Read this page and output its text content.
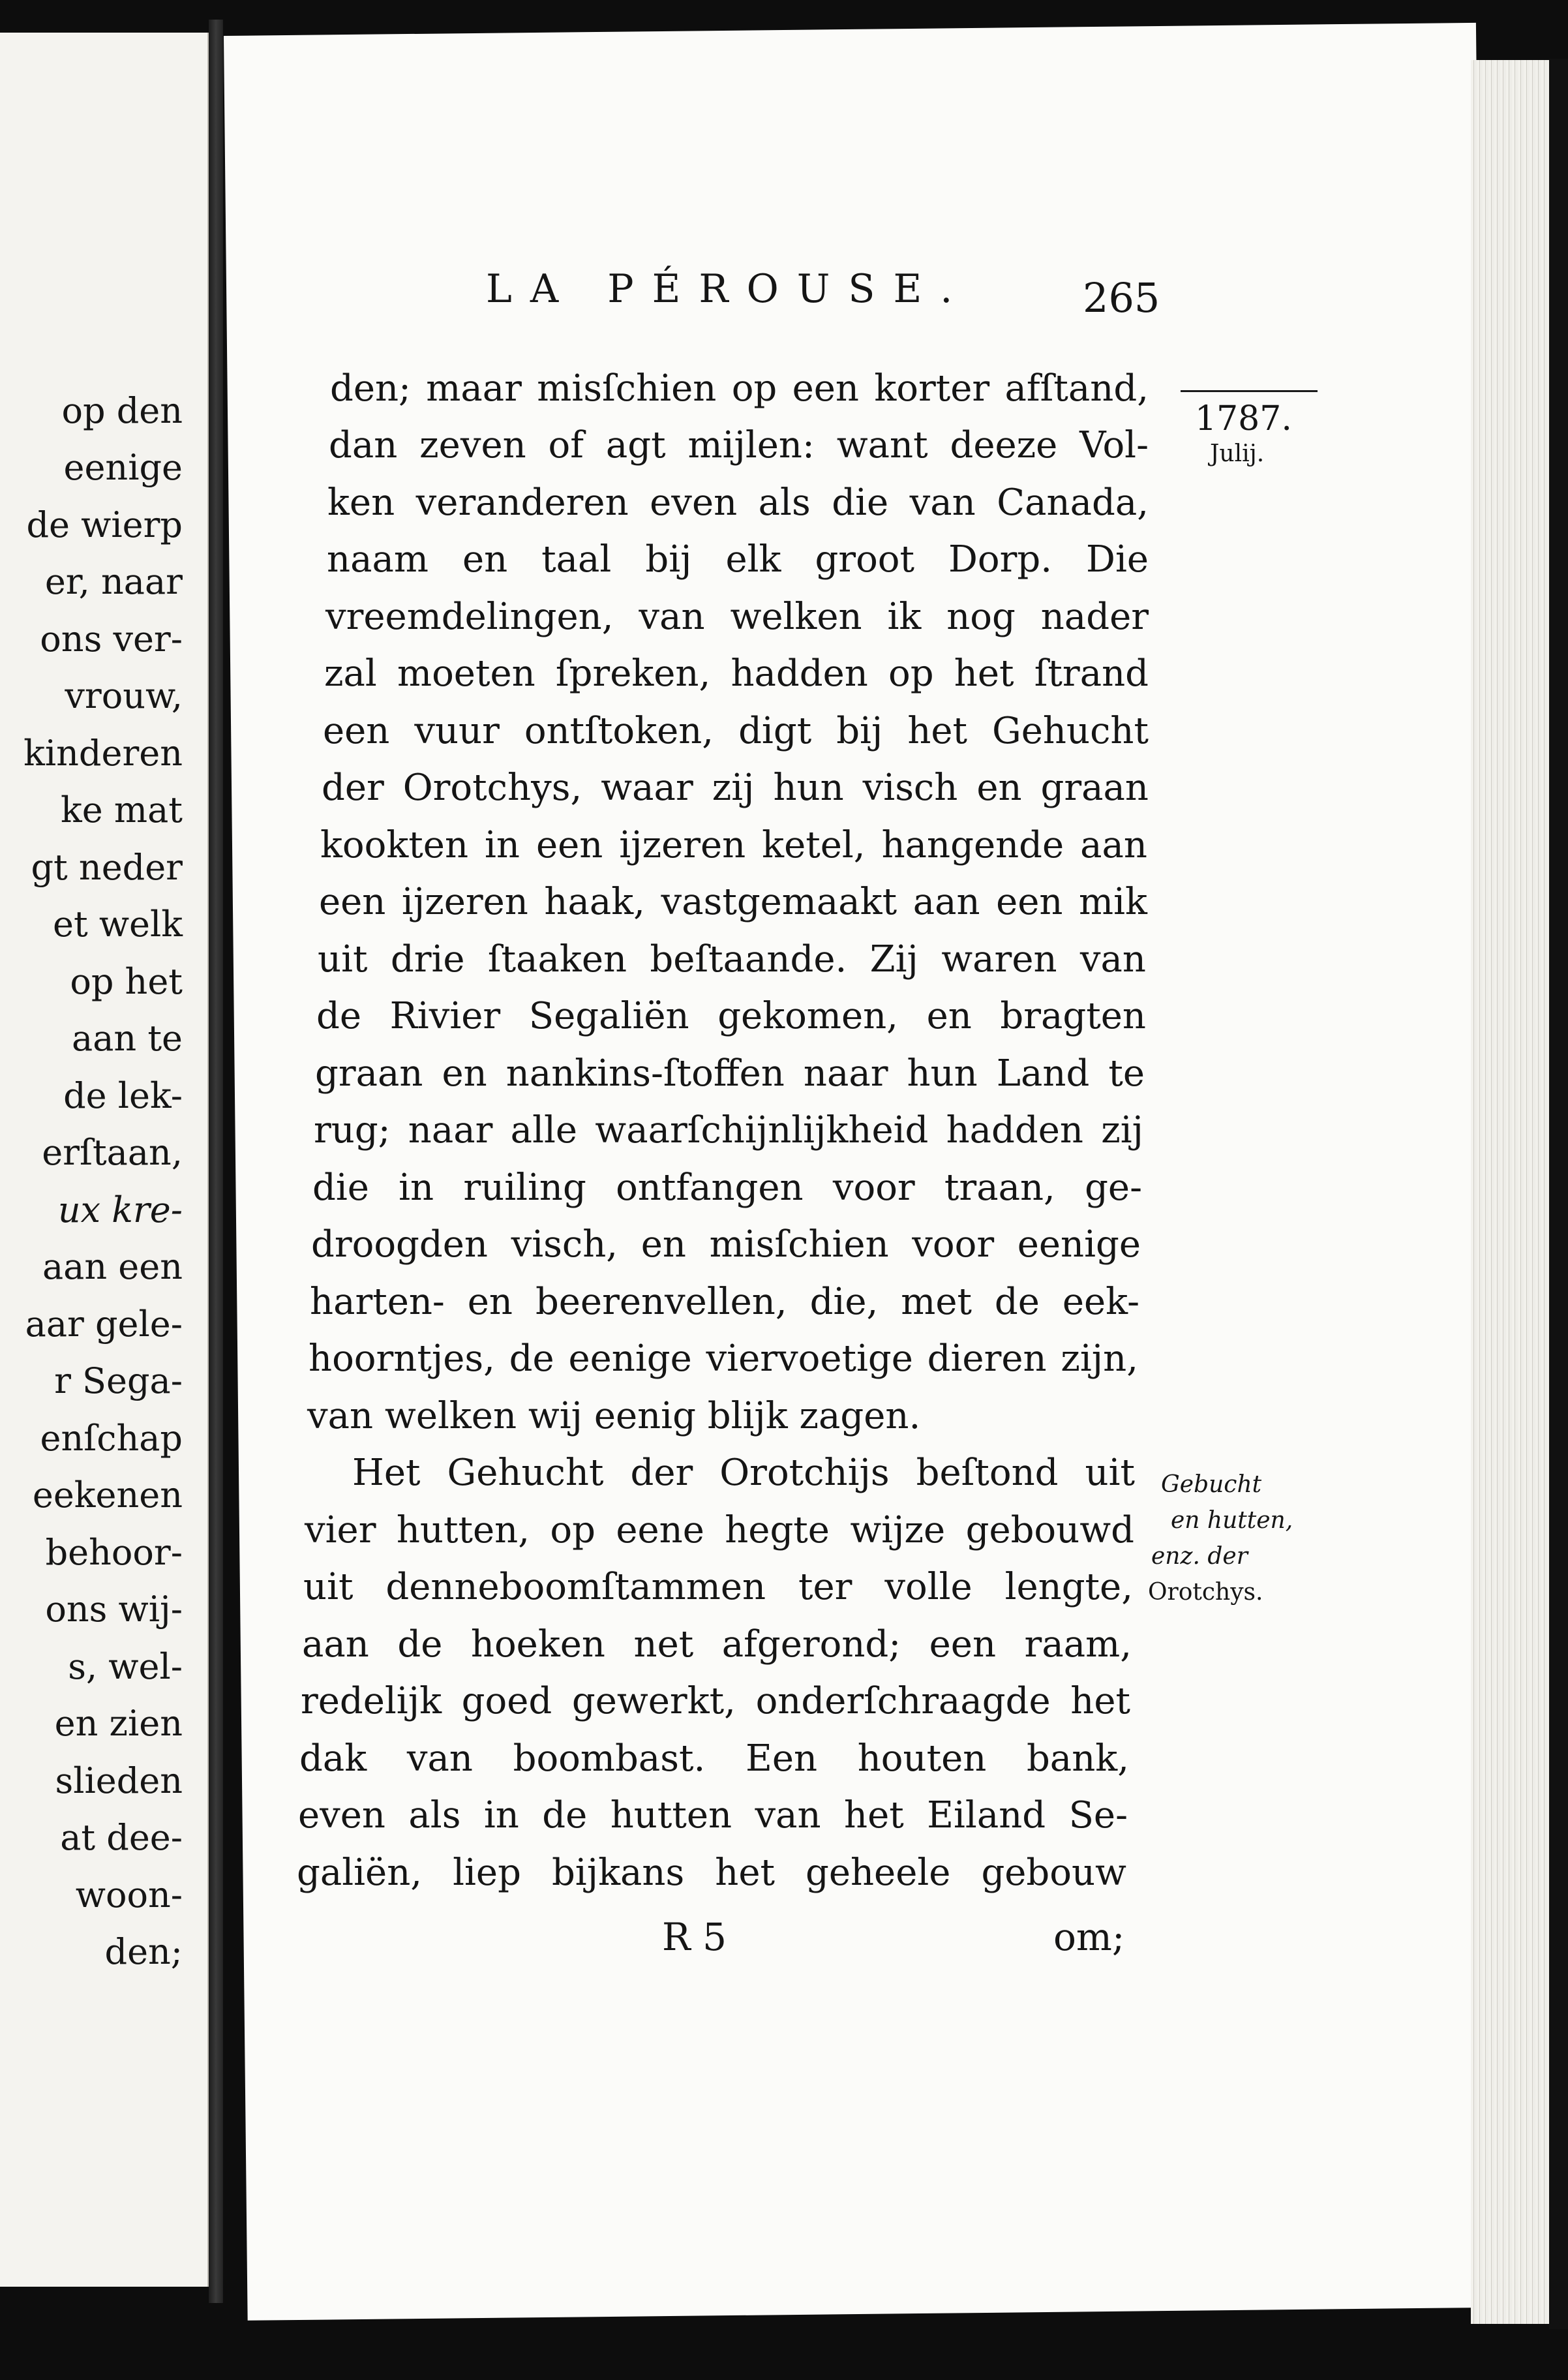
op den
eenige
de wierp
er, naar
ons ver-
vrouw,
kinderen
ke mat
gt neder
et welk
op het
aan te
de lek-
erſtaan,
ux kre-
aan een
aar gele-
r Sega-
enſchap
eekenen
behoor-
ons wij-
s, wel-
en zien
slieden
at dee-
woon-
den;
LA PÉROUSE.	265
1787.
Julij.
den; maar misſchien op een korter afſtand,
dan zeven of agt mijlen: want deeze Vol-
ken veranderen even als die van Canada,
naam en taal bij elk groot Dorp. Die
vreemdelingen, van welken ik nog nader
zal moeten ſpreken, hadden op het ſtrand
een vuur ontſtoken, digt bij het Gehucht
der Orotchys, waar zij hun visch en graan
kookten in een ijzeren ketel, hangende aan
een ijzeren haak, vastgemaakt aan een mik
uit drie ſtaaken beſtaande. Zij waren van
de Rivier Segaliën gekomen, en bragten
graan en nankins-ſtoffen naar hun Land te
rug; naar alle waarſchijnlijkheid hadden zij
die in ruiling ontfangen voor traan, ge-
droogden visch, en misſchien voor eenige
harten- en beerenvellen, die, met de eek-
hoorntjes, de eenige viervoetige dieren zijn,
van welken wij eenig blijk zagen.
Het Gehucht der Orotchijs beſtond uit
vier hutten, op eene hegte wijze gebouwd
uit denneboomſtammen ter volle lengte,
aan de hoeken net afgerond; een raam,
redelijk goed gewerkt, onderſchraagde het
dak van boombast. Een houten bank,
even als in de hutten van het Eiland Se-
galiën, liep bijkans het geheele gebouw
Gebucht
en hutten,
enz. der
Orotchys.
R 5	om;
